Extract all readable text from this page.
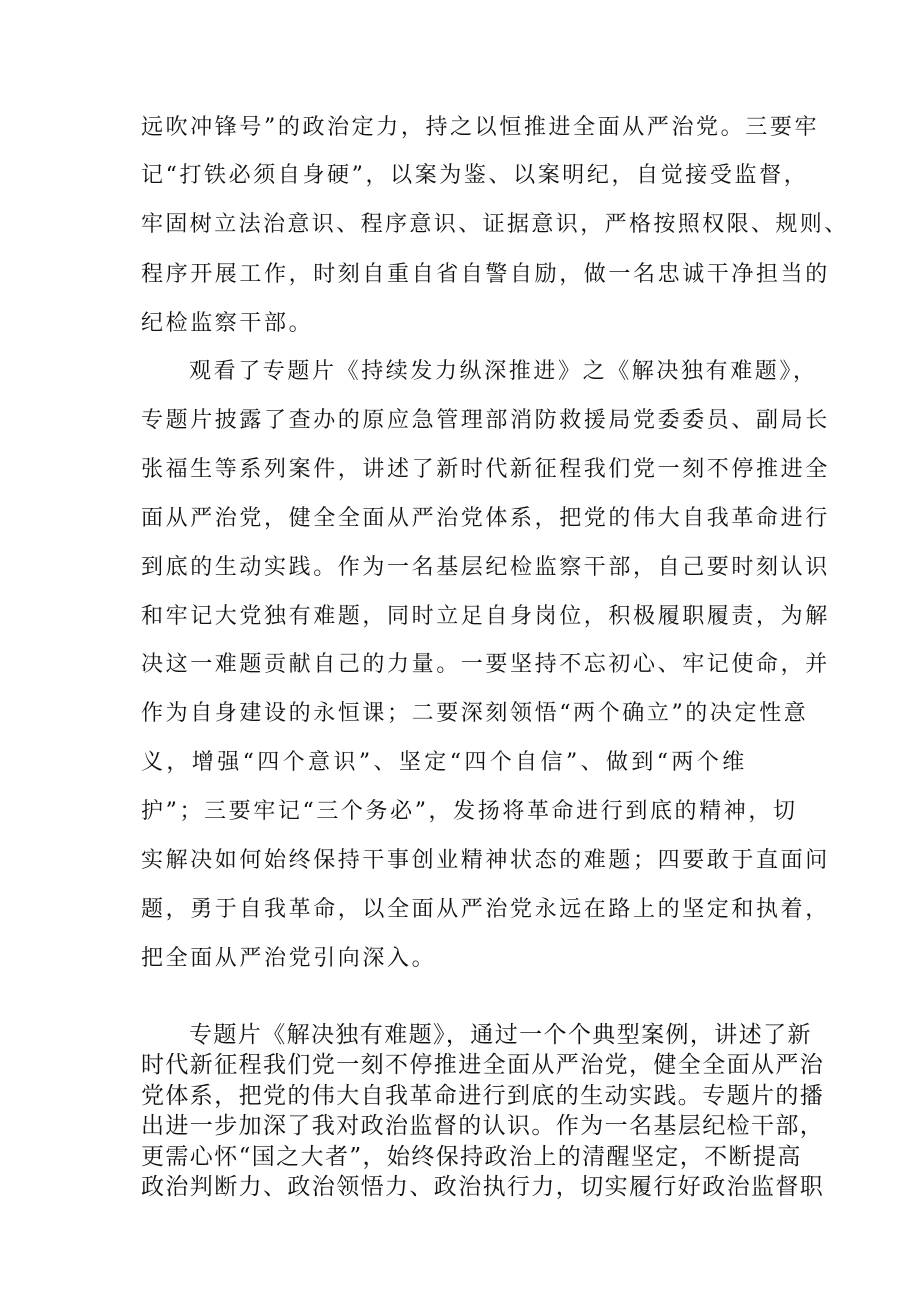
远吹冲锋号”的政治定力，持之以恒推进全面从严治党。三要牢
记“打铁必须自身硬”，以案为鉴、以案明纪，自觉接受监督，
牢固树立法治意识、程序意识、证据意识，严格按照权限、规则、
程序开展工作，时刻自重自省自警自励，做一名忠诚干净担当的
纪检监察干部。
观看了专题片《持续发力纵深推进》之《解决独有难题》，
专题片披露了查办的原应急管理部消防救援局党委委员、副局长
张福生等系列案件，讲述了新时代新征程我们党一刻不停推进全
面从严治党，健全全面从严治党体系，把党的伟大自我革命进行
到底的生动实践。作为一名基层纪检监察干部，自己要时刻认识
和牢记大党独有难题，同时立足自身岗位，积极履职履责，为解
决这一难题贡献自己的力量。一要坚持不忘初心、牢记使命，并
作为自身建设的永恒课；二要深刻领悟“两个确立”的决定性意
义，增强“四个意识”、坚定“四个自信”、做到“两个维
护”；三要牢记“三个务必”，发扬将革命进行到底的精神，切
实解决如何始终保持干事创业精神状态的难题；四要敢于直面问
题，勇于自我革命，以全面从严治党永远在路上的坚定和执着，
把全面从严治党引向深入。
专题片《解决独有难题》，通过一个个典型案例，讲述了新
时代新征程我们党一刻不停推进全面从严治党，健全全面从严治
党体系，把党的伟大自我革命进行到底的生动实践。专题片的播
出进一步加深了我对政治监督的认识。作为一名基层纪检干部，
更需心怀“国之大者”，始终保持政治上的清醒坚定，不断提高
政治判断力、政治领悟力、政治执行力，切实履行好政治监督职
